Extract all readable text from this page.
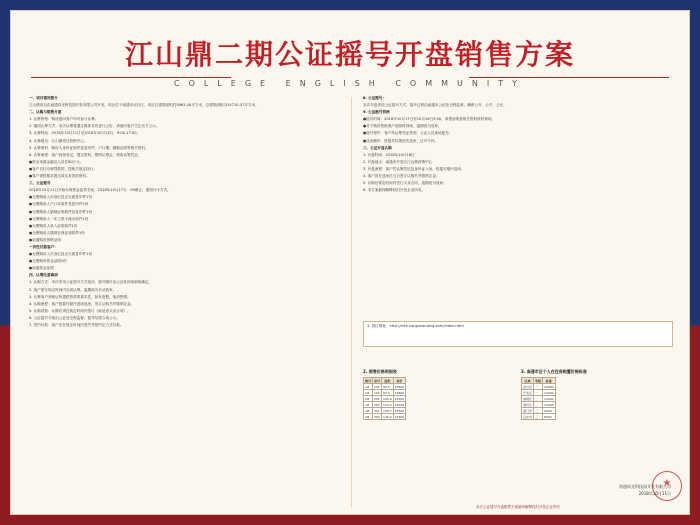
江山鼎二期公证摇号开盘销售方案
COLLEGE ENGLISH COMMUNITY

一、项目情况简介

江山鼎项目由南通同光科技园开发有限公司开发，项目位于南通市崇川区，项目总建筑面积约5962.44平方米，总建筑面积为24710.37平方米。

二、认购与销售方案

1. 认筹资格：购房意向客户均可参与认筹。

2. 通知认筹方式：本次认筹将通过媒体发布进行公告，请意向客户关注官方公示。

3. 认筹时间：2018年10月11日至2018年10月13日，9:00-17:00。

4. 认筹地点：江山鼎项目营销中心。

5. 认筹资料：购房人身份证原件及复印件、户口簿、婚姻证明等相关资料。

6. 认筹流程：客户到场登记，提交资料，缴纳认筹金，领取认筹凭证。

●资金来源金融及人员在80万元；

●客户自行办理贷款的，按相关规定执行；

●客户需按要求提交真实有效的资料。

三、公证摇号

2018年10月11日开始办理资金监管手续，2018年10月17日：09截止，通知开卡方式。

●无锡购房入市登记及正反面复印件1份

●无锡购房人户口本原件及复印件1份

●无锡购房人婚姻证明原件及复印件1份

●无锡购房人一年工资卡流水原件1份

●无锡购房人收入证明原件1份

●无锡购房人缴纳社保证明原件1份

●南通购房资格证明

一次性付款客户：

●无锡购房入市登记及正反面复印件1份

●无锡购房资金证明1份

●南通资金证明

四、认筹注意事项

1. 认购方式：本次采用公证摇号方式选房，摇号顺序由公证处现场抽取确定。

2. 客户需在规定时间内完成认筹，逾期视为自动放弃。

3. 认筹客户须保证所提供资料的真实性，如有虚假，取消资格。

4. 认购流程：客户按摇号顺序进场选房，签订认购书并缴纳定金。

5. 认购须知：认购后须在规定时间内签订《商品房买卖合同》。

6. 公证摇号方案由公证处全程监督，摇号结果当场公示。

7. 签约付款：客户应在规定时间内签约并按约定方式付款。

8. 公证摇号：

本次开盘采用公证摇号方式，摇号过程由南通市公证处全程监督，确保公开、公平、公正。

9. 公证摇号资格

●摇号时间：2018年10月17日至10月18日9:00，请提前准备相关资料按时到场。

●对于购房资格客户须按时到场，逾期视为放弃。

●摇号程序：客户持认筹凭证签到，公证人员现场摇号。

●选房顺序：按摇号结果依次选房，过号不补。

三、公证开盘认购

1. 开盘时间：2018年10月18日

2. 开盘地点：南通市开发区江山鼎营销中心

3. 开盘流程：客户凭认筹凭证及身份证入场，按摇号顺序选房。

4. 客户须在选房后当日签订认购书并缴纳定金。

5. 认购后规定时间内签订买卖合同，逾期视为放弃。

6. 本方案最终解释权归开发企业所有。

1. 园区网址：http://zfkh.jiangshanding.com/index.html
2. 销售价格明细表
楼号	房号	面积	单价
1#	101	89.5	13500
1#	102	92.3	13800
2#	201	105.6	14200
2#	202	110.2	14500
3#	301	128.7	15100
3#	302	135.4	15300
3. 南通市区个人在住房购置价格标准
区域	等级	标准
崇川区	一	15000
开发区	一	14000
港闸区	二	12000
通州区	二	11000
海门市	三	9000
启东市	三	8500
南通同光科技园开发有限公司
2018年10月11日
★
本次公证摇号开盘销售方案最终解释权归开发企业所有
